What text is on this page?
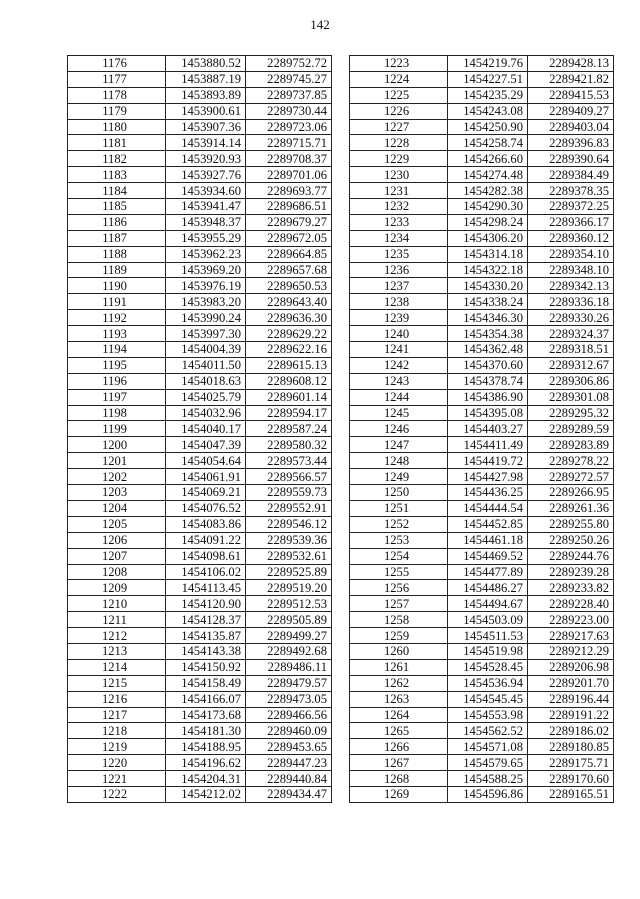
142
1176	1453880.52	2289752.72
1177	1453887.19	2289745.27
1178	1453893.89	2289737.85
1179	1453900.61	2289730.44
1180	1453907.36	2289723.06
1181	1453914.14	2289715.71
1182	1453920.93	2289708.37
1183	1453927.76	2289701.06
1184	1453934.60	2289693.77
1185	1453941.47	2289686.51
1186	1453948.37	2289679.27
1187	1453955.29	2289672.05
1188	1453962.23	2289664.85
1189	1453969.20	2289657.68
1190	1453976.19	2289650.53
1191	1453983.20	2289643.40
1192	1453990.24	2289636.30
1193	1453997.30	2289629.22
1194	1454004.39	2289622.16
1195	1454011.50	2289615.13
1196	1454018.63	2289608.12
1197	1454025.79	2289601.14
1198	1454032.96	2289594.17
1199	1454040.17	2289587.24
1200	1454047.39	2289580.32
1201	1454054.64	2289573.44
1202	1454061.91	2289566.57
1203	1454069.21	2289559.73
1204	1454076.52	2289552.91
1205	1454083.86	2289546.12
1206	1454091.22	2289539.36
1207	1454098.61	2289532.61
1208	1454106.02	2289525.89
1209	1454113.45	2289519.20
1210	1454120.90	2289512.53
1211	1454128.37	2289505.89
1212	1454135.87	2289499.27
1213	1454143.38	2289492.68
1214	1454150.92	2289486.11
1215	1454158.49	2289479.57
1216	1454166.07	2289473.05
1217	1454173.68	2289466.56
1218	1454181.30	2289460.09
1219	1454188.95	2289453.65
1220	1454196.62	2289447.23
1221	1454204.31	2289440.84
1222	1454212.02	2289434.47
1223	1454219.76	2289428.13
1224	1454227.51	2289421.82
1225	1454235.29	2289415.53
1226	1454243.08	2289409.27
1227	1454250.90	2289403.04
1228	1454258.74	2289396.83
1229	1454266.60	2289390.64
1230	1454274.48	2289384.49
1231	1454282.38	2289378.35
1232	1454290.30	2289372.25
1233	1454298.24	2289366.17
1234	1454306.20	2289360.12
1235	1454314.18	2289354.10
1236	1454322.18	2289348.10
1237	1454330.20	2289342.13
1238	1454338.24	2289336.18
1239	1454346.30	2289330.26
1240	1454354.38	2289324.37
1241	1454362.48	2289318.51
1242	1454370.60	2289312.67
1243	1454378.74	2289306.86
1244	1454386.90	2289301.08
1245	1454395.08	2289295.32
1246	1454403.27	2289289.59
1247	1454411.49	2289283.89
1248	1454419.72	2289278.22
1249	1454427.98	2289272.57
1250	1454436.25	2289266.95
1251	1454444.54	2289261.36
1252	1454452.85	2289255.80
1253	1454461.18	2289250.26
1254	1454469.52	2289244.76
1255	1454477.89	2289239.28
1256	1454486.27	2289233.82
1257	1454494.67	2289228.40
1258	1454503.09	2289223.00
1259	1454511.53	2289217.63
1260	1454519.98	2289212.29
1261	1454528.45	2289206.98
1262	1454536.94	2289201.70
1263	1454545.45	2289196.44
1264	1454553.98	2289191.22
1265	1454562.52	2289186.02
1266	1454571.08	2289180.85
1267	1454579.65	2289175.71
1268	1454588.25	2289170.60
1269	1454596.86	2289165.51
